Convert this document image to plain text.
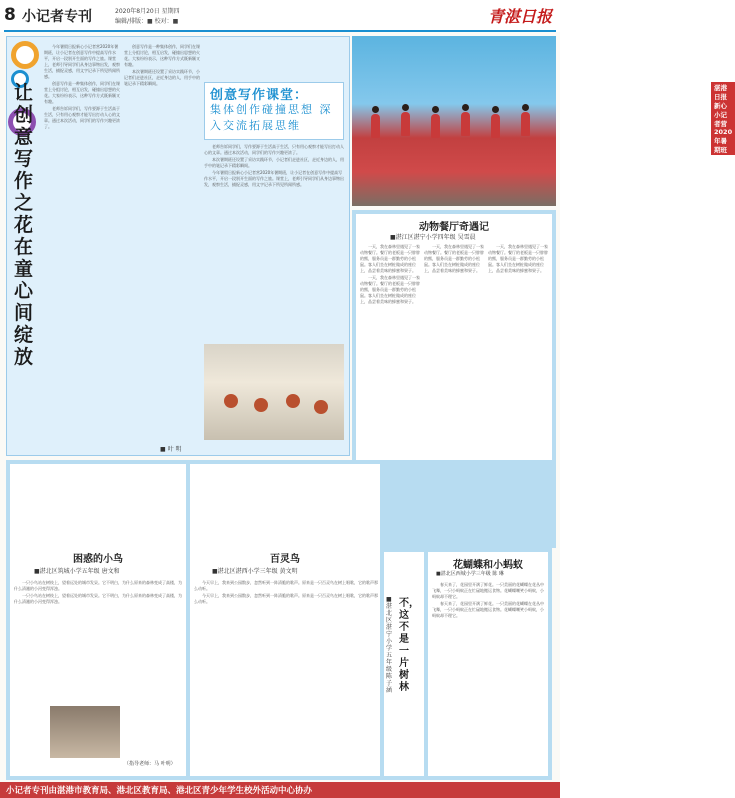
8 小记者专刊	2020年8月20日 星期四
编辑/排版：■ 校对：■	青湛日报
让创意写作之花在童心间绽放

今年暑假日报新心小记者营2020年暑期班，让小记者在创意写作中提高写作水平，开启一段别开生面的写作之旅。课堂上，老师引导同学们从身边事物出发，观察生活，捕捉灵感，用文字记录下所见所闻所感。

创意写作是一种集体创作，同学们在课堂上分组讨论，相互启发，碰撞出思想的火花。大家纷纷表示，这种写作方式既新颖又有趣。

老师告诉同学们，写作要源于生活高于生活，只有用心观察才能写出打动人心的文章。通过本次活动，同学们的写作兴趣更浓了。

创意写作是一种集体创作，同学们在课堂上分组讨论，相互启发，碰撞出思想的火花。大家纷纷表示，这种写作方式既新颖又有趣。

本次暑期班还设置了采访实践环节，小记者们走进社区，走近身边的人，用手中的笔记录下精彩瞬间。

老师告诉同学们，写作要源于生活高于生活，只有用心观察才能写出打动人心的文章。通过本次活动，同学们的写作兴趣更浓了。

本次暑期班还设置了采访实践环节，小记者们走进社区，走近身边的人，用手中的笔记录下精彩瞬间。

今年暑假日报新心小记者营2020年暑期班，让小记者在创意写作中提高写作水平，开启一段别开生面的写作之旅。课堂上，老师引导同学们从身边事物出发，观察生活，捕捉灵感，用文字记录下所见所闻所感。

■ 叶 明
创意写作课堂：
集体创作碰撞思想 深入交流拓展思维
湛港日报新心小记者营2020年暑期班
动物餐厅奇遇记
■湛江区湛宁小学四年级 吴雪晨

一天，我在森林里遇见了一家动物餐厅。餐厅的老板是一只胖胖的熊，服务员是一群勤劳的小松鼠。客人们坐在树桩做成的座位上，品尝着美味的蜂蜜和果子。

一天，我在森林里遇见了一家动物餐厅。餐厅的老板是一只胖胖的熊，服务员是一群勤劳的小松鼠。客人们坐在树桩做成的座位上，品尝着美味的蜂蜜和果子。

一天，我在森林里遇见了一家动物餐厅。餐厅的老板是一只胖胖的熊，服务员是一群勤劳的小松鼠。客人们坐在树桩做成的座位上，品尝着美味的蜂蜜和果子。

一天，我在森林里遇见了一家动物餐厅。餐厅的老板是一只胖胖的熊，服务员是一群勤劳的小松鼠。客人们坐在树桩做成的座位上，品尝着美味的蜂蜜和果子。

困惑的小鸟
■湛北区筑城小学五年级 唐文和

一只小鸟站在树枝上，望着远处的城市发呆。它不明白，为什么原来的森林变成了高楼，为什么清澈的小河变得浑浊。

一只小鸟站在树枝上，望着远处的城市发呆。它不明白，为什么原来的森林变成了高楼，为什么清澈的小河变得浑浊。

（指导老师：马 叶明）
百灵鸟
■湛北区湛西小学三年级 黄文明

今天早上，我来到公园散步，忽然听到一阵清脆的歌声。原来是一只百灵鸟在树上唱歌，它的歌声那么动听。

今天早上，我来到公园散步，忽然听到一阵清脆的歌声。原来是一只百灵鸟在树上唱歌，它的歌声那么动听。	■湛北区湛宁小学五年级 陈子涵
不，这不是一片树林
花蝴蝶和小蚂蚁
■湛北区西城小学三年级 陈 琳

春天来了，花园里开满了鲜花。一只美丽的花蝴蝶在花丛中飞舞，一只小蚂蚁正在忙碌地搬运食物。花蝴蝶嘲笑小蚂蚁，小蚂蚁却不理它。

春天来了，花园里开满了鲜花。一只美丽的花蝴蝶在花丛中飞舞，一只小蚂蚁正在忙碌地搬运食物。花蝴蝶嘲笑小蚂蚁，小蚂蚁却不理它。

小记者专刊由湛港市教育局、港北区教育局、港北区青少年学生校外活动中心协办
